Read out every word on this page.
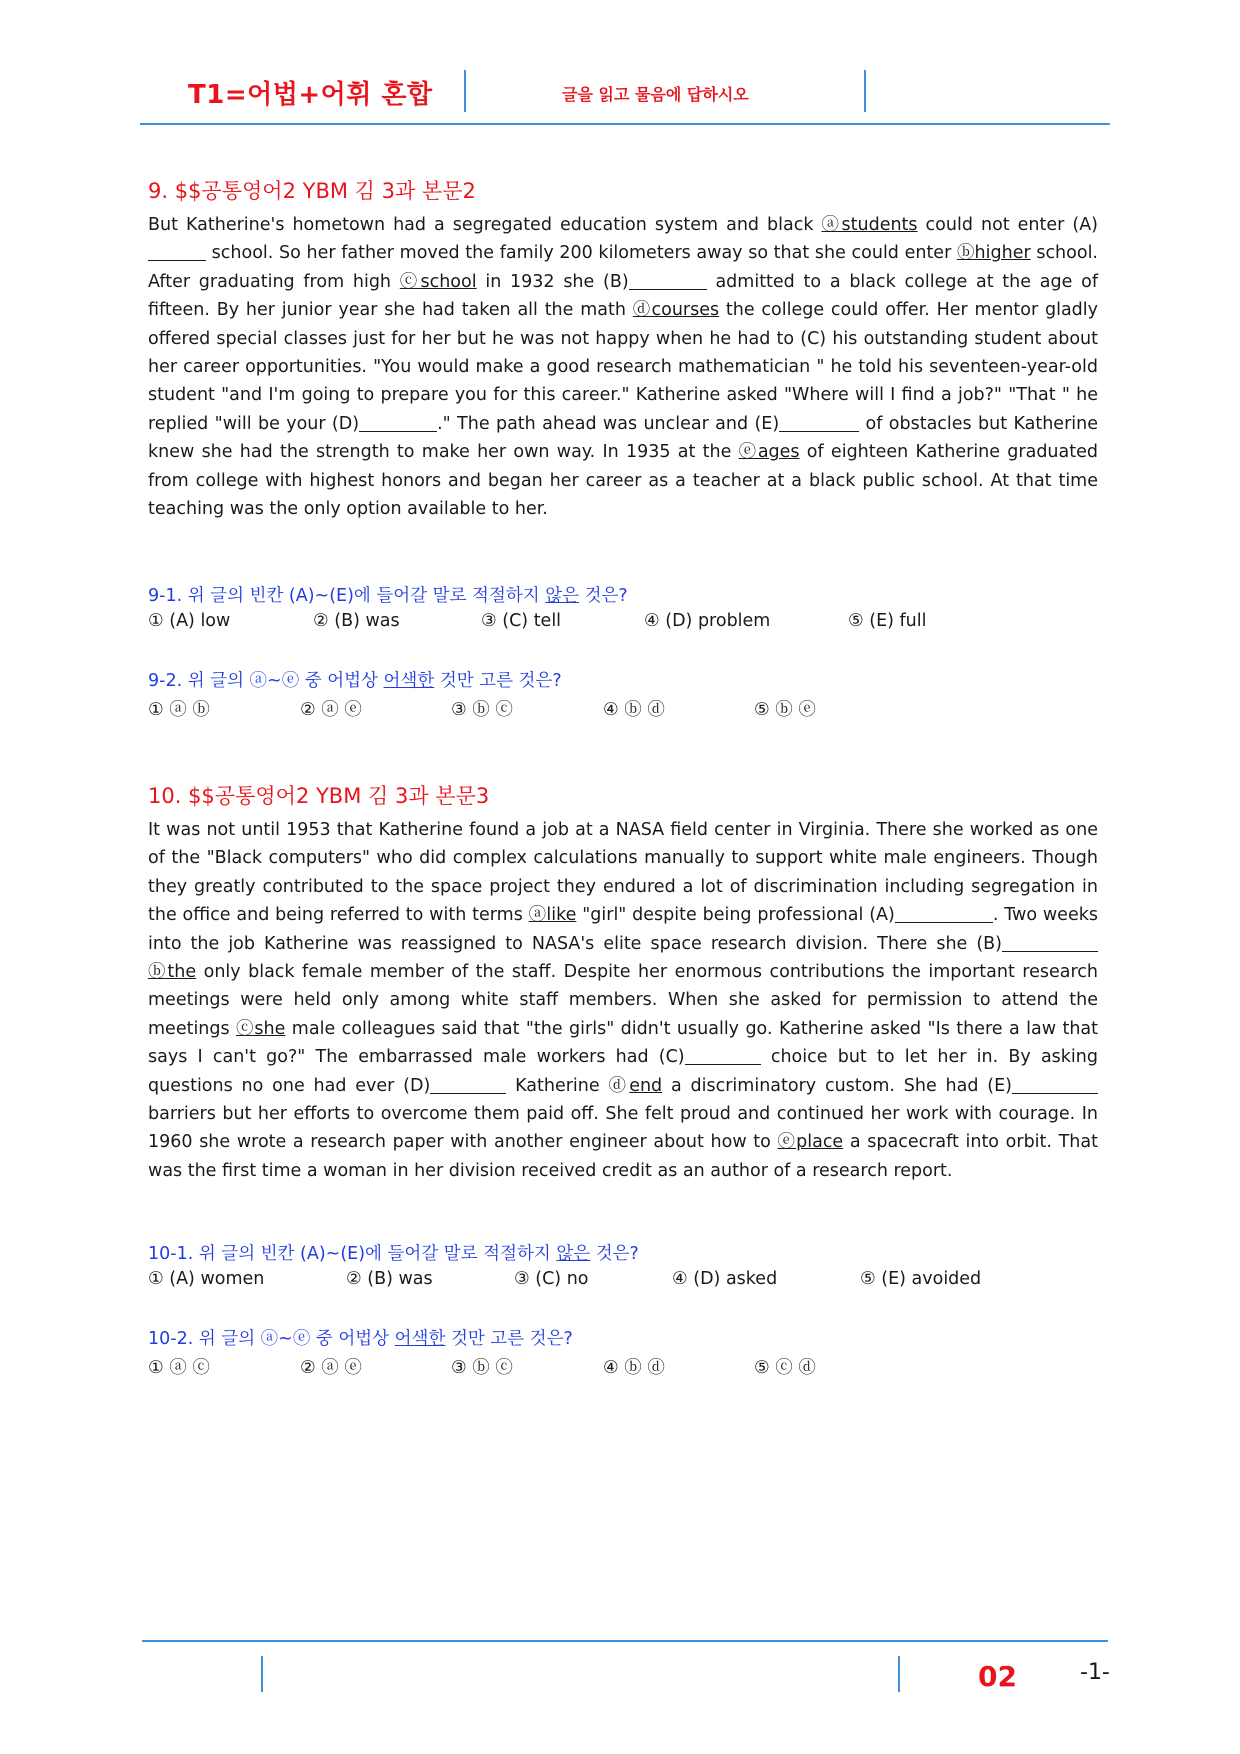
T1=어법+어휘 혼합	글을 읽고 물음에 답하시오
9. $$공통영어2 YBM 김 3과 본문2

But Katherine's hometown had a segregated education system and black ⓐstudents could not enter (A) school. So her father moved the family 200 kilometers away so that she could enter ⓑhigher school. After graduating from high ⓒschool in 1932 she (B)	admitted to a black college at the age of fifteen. By her junior year she had taken all the math ⓓcourses the college could offer. Her mentor gladly offered special classes just for her but he was not happy when he had to (C) his outstanding student about her career opportunities. "You would make a good research mathematician " he told his seventeen-year-old student "and I'm going to prepare you for this career." Katherine asked "Where will I find a job?" "That " he replied "will be your (D)	." The path ahead was unclear and (E)	of obstacles but Katherine knew she had the strength to make her own way. In 1935 at the ⓔages of eighteen Katherine graduated from college with highest honors and began her career as a teacher at a black public school. At that time teaching was the only option available to her.

9-1. 위 글의 빈칸 (A)~(E)에 들어갈 말로 적절하지 않은 것은?
① (A) low	② (B) was	③ (C) tell	④ (D) problem	⑤ (E) full
9-2. 위 글의 ⓐ~ⓔ 중 어법상 어색한 것만 고른 것은?
① ⓐ ⓑ	② ⓐ ⓔ	③ ⓑ ⓒ	④ ⓑ ⓓ	⑤ ⓑ ⓔ
10. $$공통영어2 YBM 김 3과 본문3

It was not until 1953 that Katherine found a job at a NASA field center in Virginia. There she worked as one of the "Black computers" who did complex calculations manually to support white male engineers. Though they greatly contributed to the space project they endured a lot of discrimination including segregation in the office and being referred to with terms ⓐlike "girl" despite being professional (A)	. Two weeks into the job Katherine was reassigned to NASA's elite space research division. There she (B) ⓑthe only black female member of the staff. Despite her enormous contributions the important research meetings were held only among white staff members. When she asked for permission to attend the meetings ⓒshe male colleagues said that "the girls" didn't usually go. Katherine asked "Is there a law that says I can't go?" The embarrassed male workers had (C)	choice but to let her in. By asking questions no one had ever (D)	Katherine ⓓend a discriminatory custom. She had (E) barriers but her efforts to overcome them paid off. She felt proud and continued her work with courage. In 1960 she wrote a research paper with another engineer about how to ⓔplace a spacecraft into orbit. That was the first time a woman in her division received credit as an author of a research report.

10-1. 위 글의 빈칸 (A)~(E)에 들어갈 말로 적절하지 않은 것은?
① (A) women	② (B) was	③ (C) no	④ (D) asked	⑤ (E) avoided
10-2. 위 글의 ⓐ~ⓔ 중 어법상 어색한 것만 고른 것은?
① ⓐ ⓒ	② ⓐ ⓔ	③ ⓑ ⓒ	④ ⓑ ⓓ	⑤ ⓒ ⓓ
02	-1-
